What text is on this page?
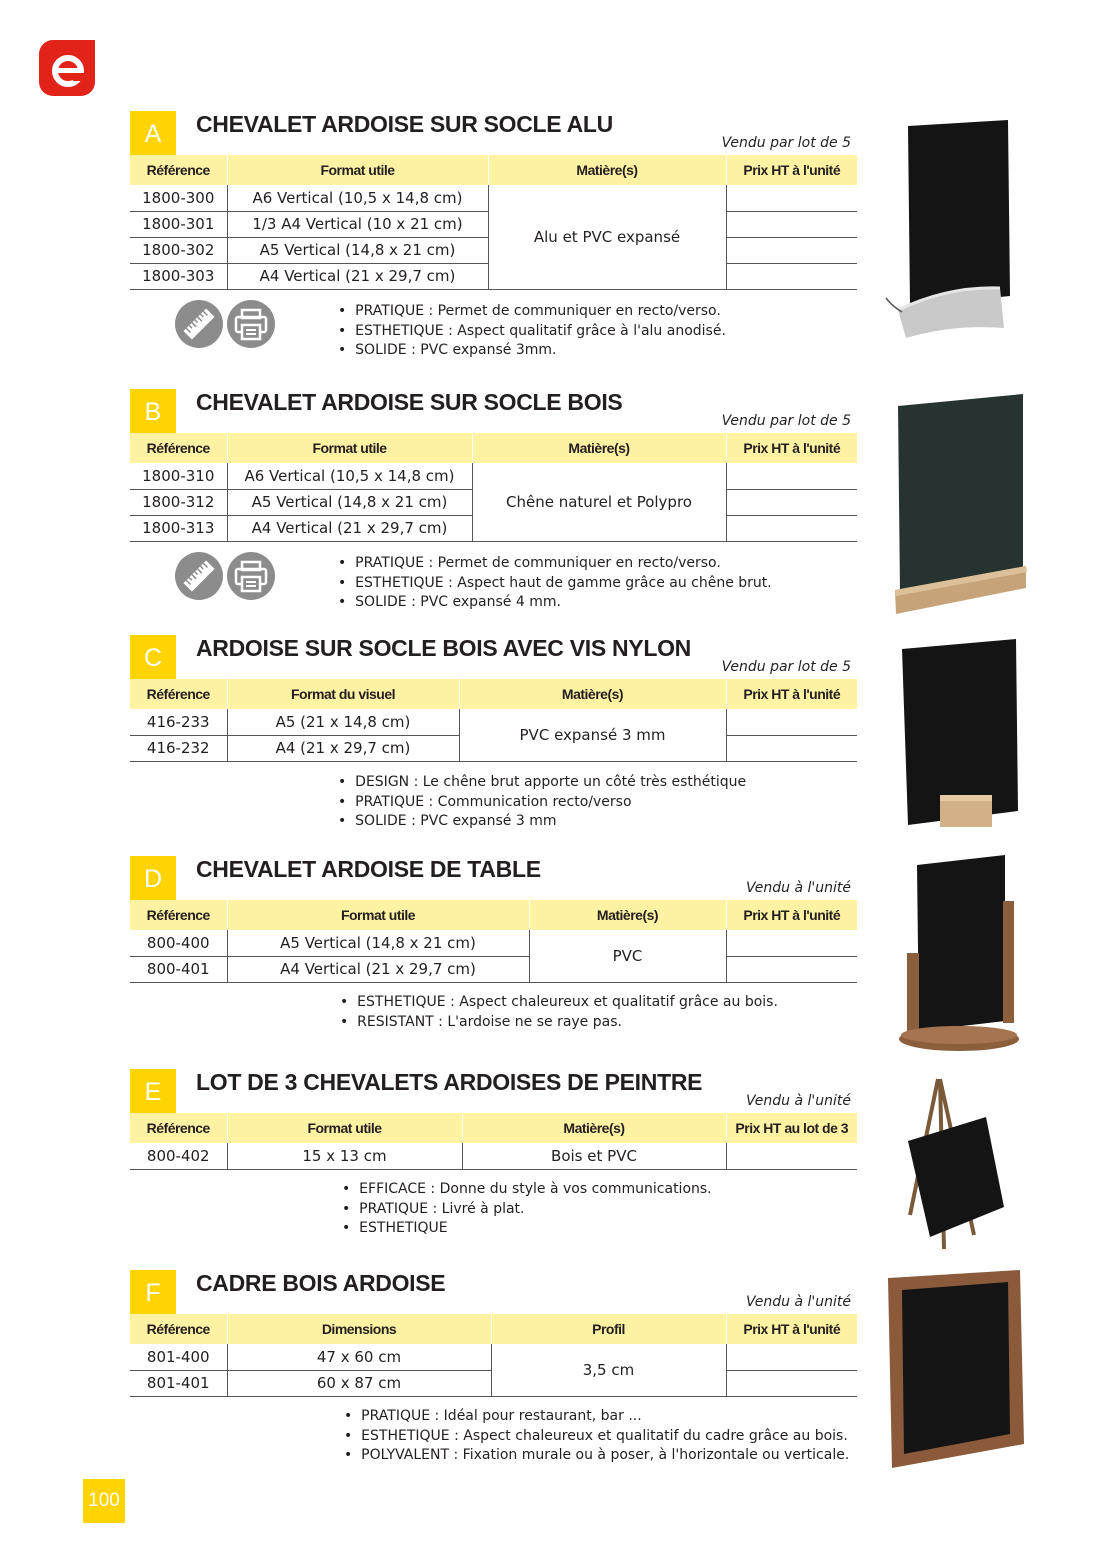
A	CHEVALET ARDOISE SUR SOCLE ALU
Vendu par lot de 5
Référence	Format utile	Matière(s)	Prix HT à l'unité
1800-300	A6 Vertical (10,5 x 14,8 cm)	Alu et PVC expansé	
1800-301	1/3 A4 Vertical (10 x 21 cm)		
1800-302	A5 Vertical (14,8 x 21 cm)		
1800-303	A4 Vertical (21 x 29,7 cm)		
•  PRATIQUE : Permet de communiquer en recto/verso.
•  ESTHETIQUE : Aspect qualitatif grâce à l'alu anodisé.
•  SOLIDE : PVC expansé 3mm.
B	CHEVALET ARDOISE SUR SOCLE BOIS
Vendu par lot de 5
Référence	Format utile	Matière(s)	Prix HT à l'unité
1800-310	A6 Vertical (10,5 x 14,8 cm)	Chêne naturel et Polypro	
1800-312	A5 Vertical (14,8 x 21 cm)		
1800-313	A4 Vertical (21 x 29,7 cm)		
•  PRATIQUE : Permet de communiquer en recto/verso.
•  ESTHETIQUE : Aspect haut de gamme grâce au chêne brut.
•  SOLIDE : PVC expansé 4 mm.
C	ARDOISE SUR SOCLE BOIS AVEC VIS NYLON
Vendu par lot de 5
Référence	Format du visuel	Matière(s)	Prix HT à l'unité
416-233	A5 (21 x 14,8 cm)	PVC expansé 3 mm	
416-232	A4 (21 x 29,7 cm)		
•  DESIGN : Le chêne brut apporte un côté très esthétique
•  PRATIQUE : Communication recto/verso
•  SOLIDE : PVC expansé 3 mm
D	CHEVALET ARDOISE DE TABLE
Vendu à l'unité
Référence	Format utile	Matière(s)	Prix HT à l'unité
800-400	A5 Vertical (14,8 x 21 cm)	PVC	
800-401	A4 Vertical (21 x 29,7 cm)		
•  ESTHETIQUE : Aspect chaleureux et qualitatif grâce au bois.
•  RESISTANT : L'ardoise ne se raye pas.
E	LOT DE 3 CHEVALETS ARDOISES DE PEINTRE
Vendu à l'unité
Référence	Format utile	Matière(s)	Prix HT au lot de 3
800-402	15 x 13 cm	Bois et PVC	
•  EFFICACE : Donne du style à vos communications.
•  PRATIQUE : Livré à plat.
•  ESTHETIQUE
F	CADRE BOIS ARDOISE
Vendu à l'unité
Référence	Dimensions	Profil	Prix HT à l'unité
801-400	47 x 60 cm	3,5 cm	
801-401	60 x 87 cm		
•  PRATIQUE : Idéal pour restaurant, bar ...
•  ESTHETIQUE : Aspect chaleureux et qualitatif du cadre grâce au bois.
•  POLYVALENT : Fixation murale ou à poser, à l'horizontale ou verticale.
100
